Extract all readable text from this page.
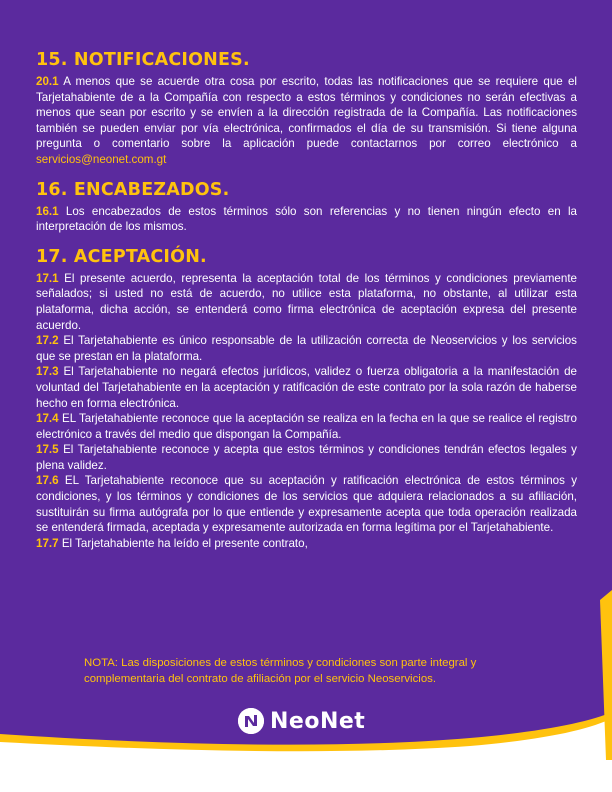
15. NOTIFICACIONES.

20.1 A menos que se acuerde otra cosa por escrito, todas las notificaciones que se requiere que el Tarjetahabiente de a la Compañía con respecto a estos términos y condiciones no serán efectivas a menos que sean por escrito y se envíen a la dirección registrada de la Compañía. Las notificaciones también se pueden enviar por vía electrónica, confirmados el día de su transmisión. Si tiene alguna pregunta o comentario sobre la aplicación puede contactarnos por correo electrónico a servicios@neonet.com.gt

16. ENCABEZADOS.

16.1 Los encabezados de estos términos sólo son referencias y no tienen ningún efecto en la interpretación de los mismos.

17. ACEPTACIÓN.

17.1 El presente acuerdo, representa la aceptación total de los términos y condiciones previamente señalados; si usted no está de acuerdo, no utilice esta plataforma, no obstante, al utilizar esta plataforma, dicha acción, se entenderá como firma electrónica de aceptación expresa del presente acuerdo.

17.2 El Tarjetahabiente es único responsable de la utilización correcta de Neoservicios y los servicios que se prestan en la plataforma.

17.3 El Tarjetahabiente no negará efectos jurídicos, validez o fuerza obligatoria a la manifestación de voluntad del Tarjetahabiente en la aceptación y ratificación de este contrato por la sola razón de haberse hecho en forma electrónica.

17.4 EL Tarjetahabiente reconoce que la aceptación se realiza en la fecha en la que se realice el registro electrónico a través del medio que dispongan la Compañía.

17.5 El Tarjetahabiente reconoce y acepta que estos términos y condiciones tendrán efectos legales y plena validez.

17.6 EL Tarjetahabiente reconoce que su aceptación y ratificación electrónica de estos términos y condiciones, y los términos y condiciones de los servicios que adquiera relacionados a su afiliación, sustituirán su firma autógrafa por lo que entiende y expresamente acepta que toda operación realizada se entenderá firmada, aceptada y expresamente autorizada en forma legítima por el Tarjetahabiente.

17.7 El Tarjetahabiente ha leído el presente contrato,

NOTA: Las disposiciones de estos términos y condiciones son parte integral y complementaria del contrato de afiliación por el servicio Neoservicios.
NeoNet
